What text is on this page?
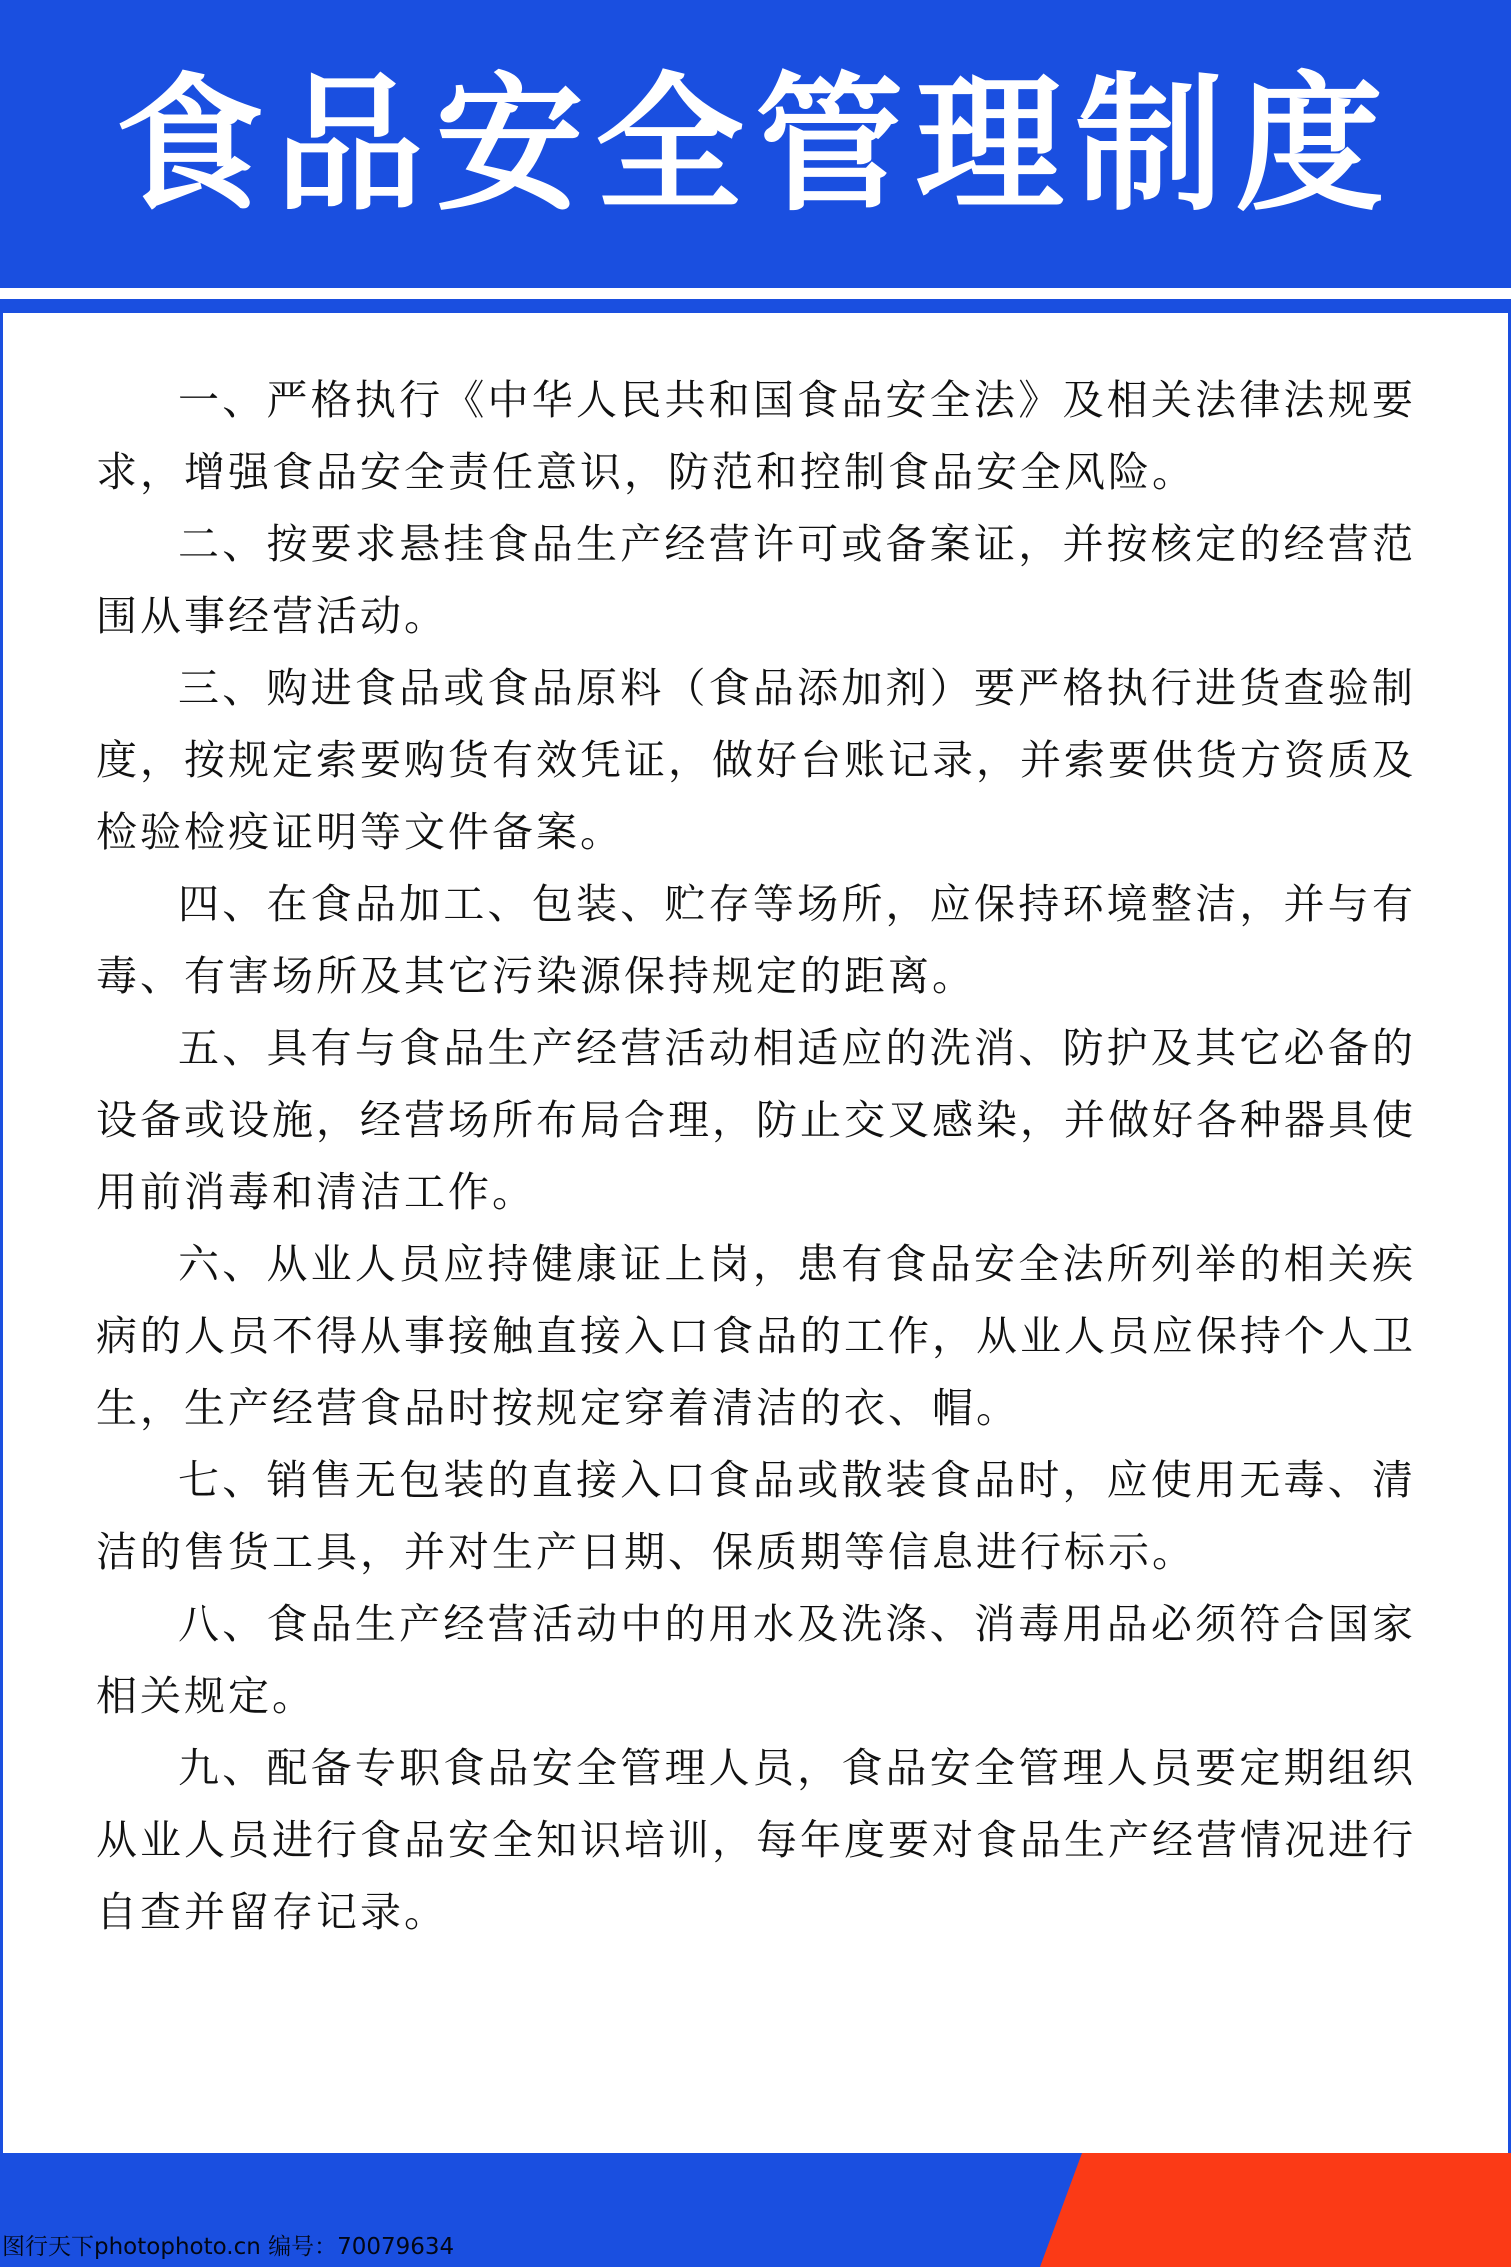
食品安全管理制度

一、严格执行《中华人民共和国食品安全法》及相关法律法规要求，增强食品安全责任意识，防范和控制食品安全风险。

二、按要求悬挂食品生产经营许可或备案证，并按核定的经营范围从事经营活动。

三、购进食品或食品原料（食品添加剂）要严格执行进货查验制度，按规定索要购货有效凭证，做好台账记录，并索要供货方资质及检验检疫证明等文件备案。

四、在食品加工、包装、贮存等场所，应保持环境整洁，并与有毒、有害场所及其它污染源保持规定的距离。

五、具有与食品生产经营活动相适应的洗消、防护及其它必备的设备或设施，经营场所布局合理，防止交叉感染，并做好各种器具使用前消毒和清洁工作。

六、从业人员应持健康证上岗，患有食品安全法所列举的相关疾病的人员不得从事接触直接入口食品的工作，从业人员应保持个人卫生，生产经营食品时按规定穿着清洁的衣、帽。

七、销售无包装的直接入口食品或散装食品时，应使用无毒、清洁的售货工具，并对生产日期、保质期等信息进行标示。

八、食品生产经营活动中的用水及洗涤、消毒用品必须符合国家相关规定。

九、配备专职食品安全管理人员，食品安全管理人员要定期组织从业人员进行食品安全知识培训，每年度要对食品生产经营情况进行自查并留存记录。

图行天下photophoto.cn 编号：70079634
